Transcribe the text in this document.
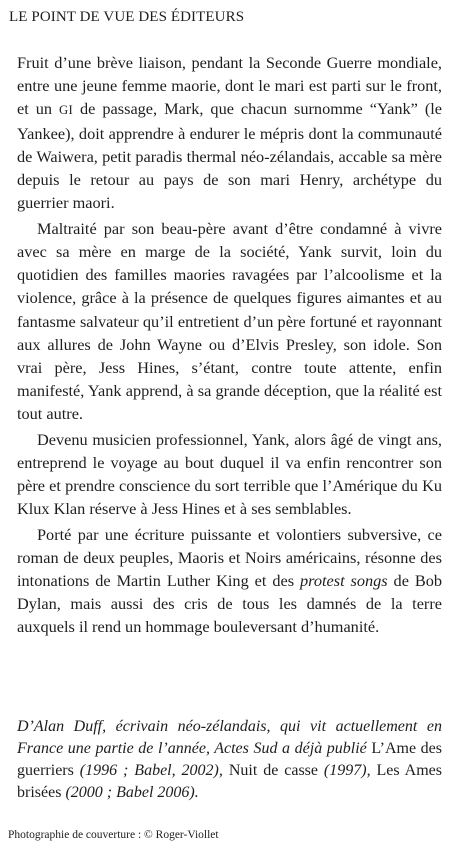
LE POINT DE VUE DES ÉDITEURS

Fruit d’une brève liaison, pendant la Seconde Guerre mondiale, entre une jeune femme maorie, dont le mari est parti sur le front, et un GI de passage, Mark, que chacun surnomme “Yank” (le Yankee), doit apprendre à endurer le mépris dont la communauté de Waiwera, petit paradis thermal néo-zélandais, accable sa mère depuis le retour au pays de son mari Henry, archétype du guerrier maori.

Maltraité par son beau-père avant d’être condamné à vivre avec sa mère en marge de la société, Yank survit, loin du quotidien des familles maories ravagées par l’alcoolisme et la violence, grâce à la présence de quelques figures aimantes et au fantasme salvateur qu’il entretient d’un père fortuné et rayonnant aux allures de John Wayne ou d’Elvis Presley, son idole. Son vrai père, Jess Hines, s’étant, contre toute attente, enfin manifesté, Yank apprend, à sa grande déception, que la réalité est tout autre.

Devenu musicien professionnel, Yank, alors âgé de vingt ans, entreprend le voyage au bout duquel il va enfin rencontrer son père et prendre conscience du sort terrible que l’Amérique du Ku Klux Klan réserve à Jess Hines et à ses semblables.

Porté par une écriture puissante et volontiers subversive, ce roman de deux peuples, Maoris et Noirs américains, résonne des intonations de Martin Luther King et des protest songs de Bob Dylan, mais aussi des cris de tous les damnés de la terre auxquels il rend un hommage bouleversant d’humanité.

D’Alan Duff, écrivain néo-zélandais, qui vit actuellement en France une partie de l’année, Actes Sud a déjà publié L’Ame des guerriers (1996 ; Babel, 2002), Nuit de casse (1997), Les Ames brisées (2000 ; Babel 2006).
Photographie de couverture : © Roger-Viollet
